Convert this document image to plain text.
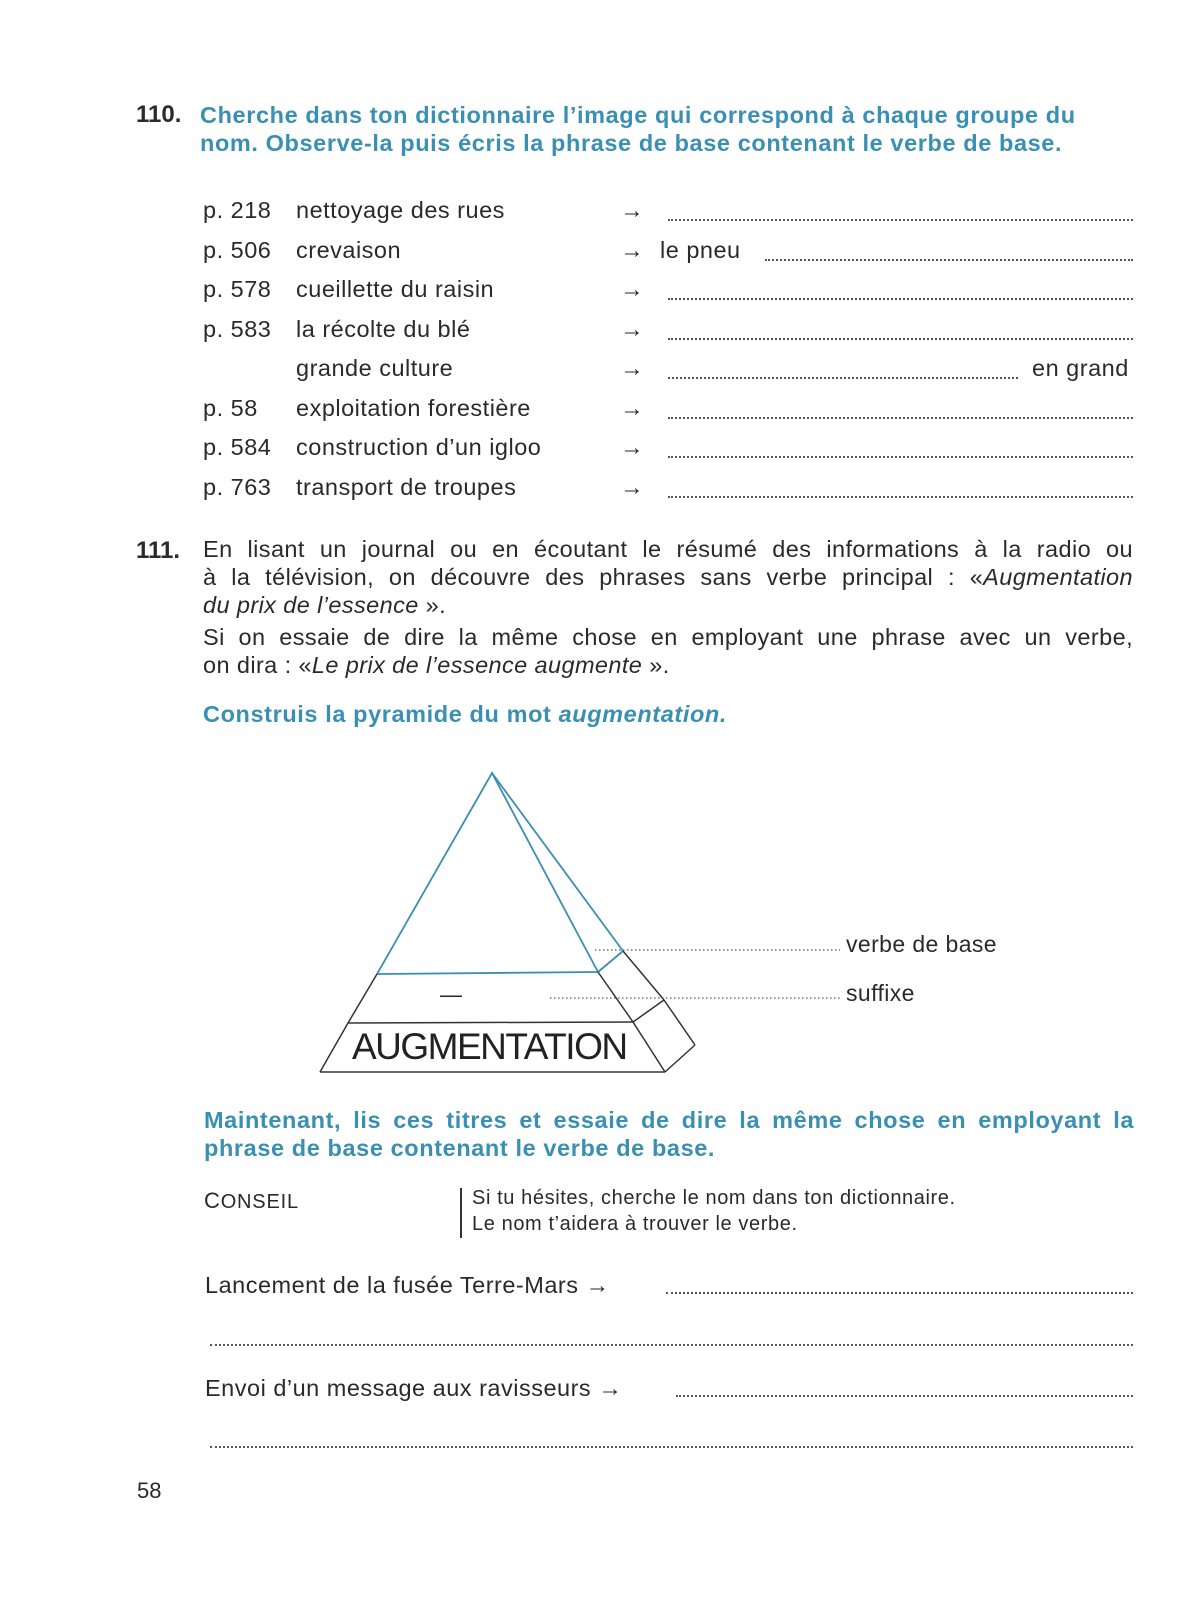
110. Cherche dans ton dictionnaire l’image qui correspond à chaque groupe du
nom. Observe-la puis écris la phrase de base contenant le verbe de base.
p. 218 nettoyage des rues	→
p. 506 crevaison	→ le pneu
p. 578 cueillette du raisin	→
p. 583 la récolte du blé	→
grande culture	→	en grand
p. 58 exploitation forestière	→
p. 584 construction d’un igloo	→
p. 763 transport de troupes	→
111. En lisant un journal ou en écoutant le résumé des informations à la radio ou
à la télévision, on découvre des phrases sans verbe principal : «Augmentation
du prix de l’essence ».
Si on essaie de dire la même chose en employant une phrase avec un verbe,
on dira : «Le prix de l’essence augmente ».
Construis la pyramide du mot augmentation.
—
AUGMENTATION
verbe de base
suffixe
Maintenant, lis ces titres et essaie de dire la même chose en employant la
phrase de base contenant le verbe de base.
CONSEIL	Si tu hésites, cherche le nom dans ton dictionnaire.
Le nom t’aidera à trouver le verbe.
Lancement de la fusée Terre-Mars →
Envoi d’un message aux ravisseurs →
58
